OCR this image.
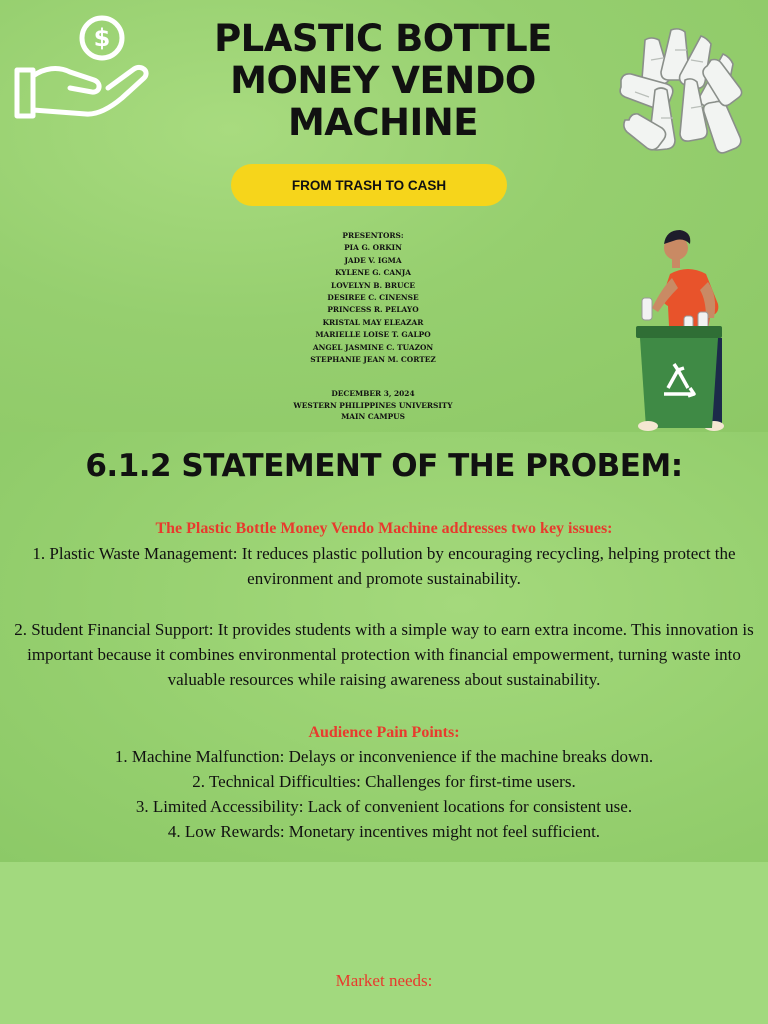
$	PLASTIC BOTTLE MONEY VENDO MACHINE
FROM TRASH TO CASH
PRESENTORS:
PIA G. ORKIN
JADE V. IGMA
KYLENE G. CANJA
LOVELYN B. BRUCE
DESIREE C. CINENSE
PRINCESS R. PELAYO
KRISTAL MAY ELEAZAR
MARIELLE LOISE T. GALPO
ANGEL JASMINE C. TUAZON
STEPHANIE JEAN M. CORTEZ
DECEMBER 3, 2024
WESTERN PHILIPPINES UNIVERSITY
MAIN CAMPUS
6.1.2 STATEMENT OF THE PROBEM:
The Plastic Bottle Money Vendo Machine addresses two key issues:
1. Plastic Waste Management: It reduces plastic pollution by encouraging recycling, helping protect the environment and promote sustainability.
2. Student Financial Support: It provides students with a simple way to earn extra income. This innovation is important because it combines environmental protection with financial empowerment, turning waste into valuable resources while raising awareness about sustainability.
Audience Pain Points:
1. Machine Malfunction: Delays or inconvenience if the machine breaks down.
2. Technical Difficulties: Challenges for first-time users.
3. Limited Accessibility: Lack of convenient locations for consistent use.
4. Low Rewards: Monetary incentives might not feel sufficient.
Market needs:
